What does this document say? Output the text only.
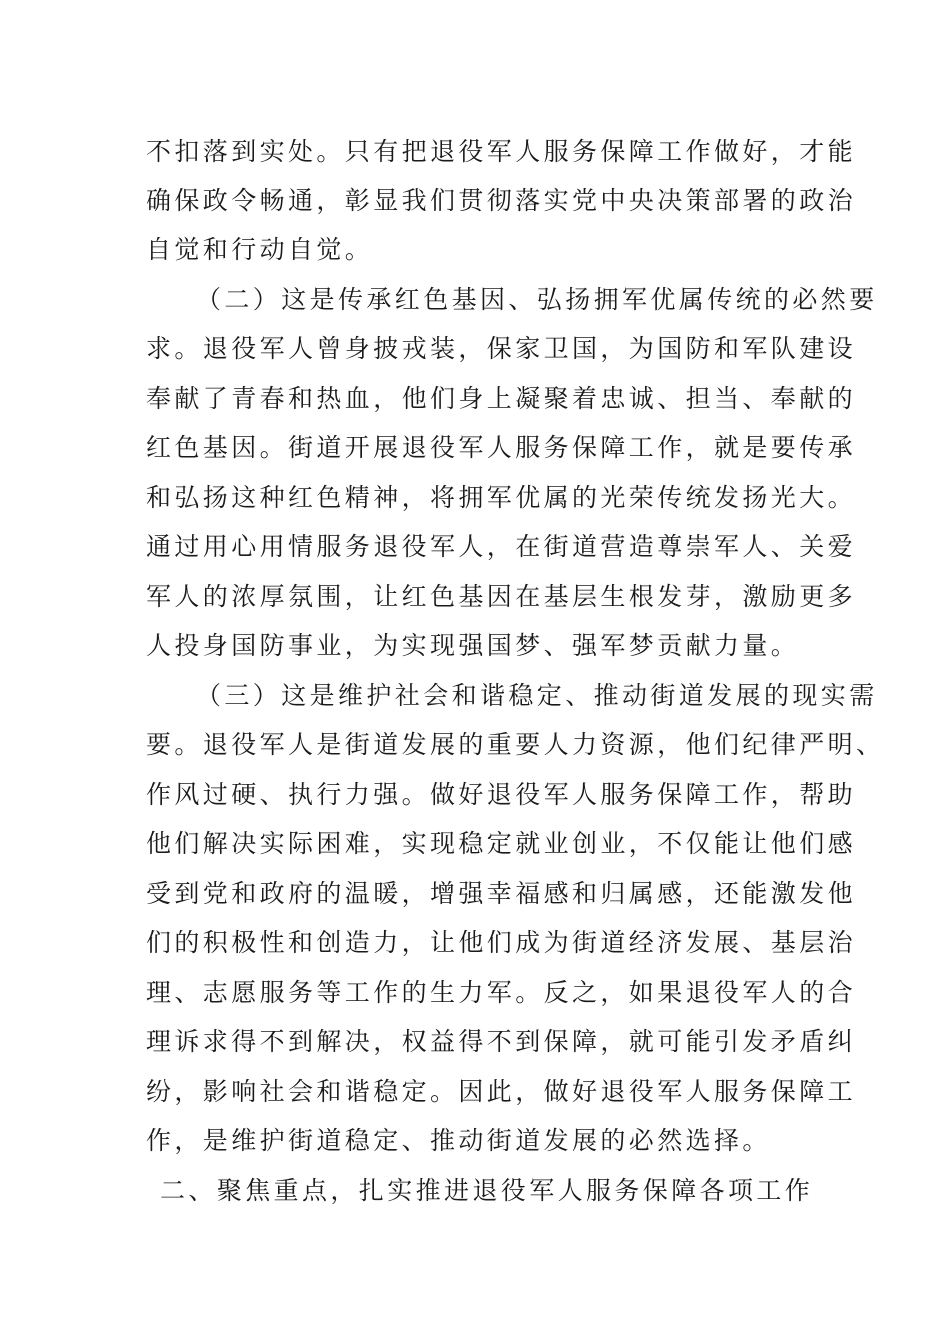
不扣落到实处。只有把退役军人服务保障工作做好，才能

确保政令畅通，彰显我们贯彻落实党中央决策部署的政治

自觉和行动自觉。

（二）这是传承红色基因、弘扬拥军优属传统的必然要

求。退役军人曾身披戎装，保家卫国，为国防和军队建设

奉献了青春和热血，他们身上凝聚着忠诚、担当、奉献的

红色基因。街道开展退役军人服务保障工作，就是要传承

和弘扬这种红色精神，将拥军优属的光荣传统发扬光大。

通过用心用情服务退役军人，在街道营造尊崇军人、关爱

军人的浓厚氛围，让红色基因在基层生根发芽，激励更多

人投身国防事业，为实现强国梦、强军梦贡献力量。

（三）这是维护社会和谐稳定、推动街道发展的现实需

要。退役军人是街道发展的重要人力资源，他们纪律严明、

作风过硬、执行力强。做好退役军人服务保障工作，帮助

他们解决实际困难，实现稳定就业创业，不仅能让他们感

受到党和政府的温暖，增强幸福感和归属感，还能激发他

们的积极性和创造力，让他们成为街道经济发展、基层治

理、志愿服务等工作的生力军。反之，如果退役军人的合

理诉求得不到解决，权益得不到保障，就可能引发矛盾纠

纷，影响社会和谐稳定。因此，做好退役军人服务保障工

作，是维护街道稳定、推动街道发展的必然选择。

二、聚焦重点，扎实推进退役军人服务保障各项工作
